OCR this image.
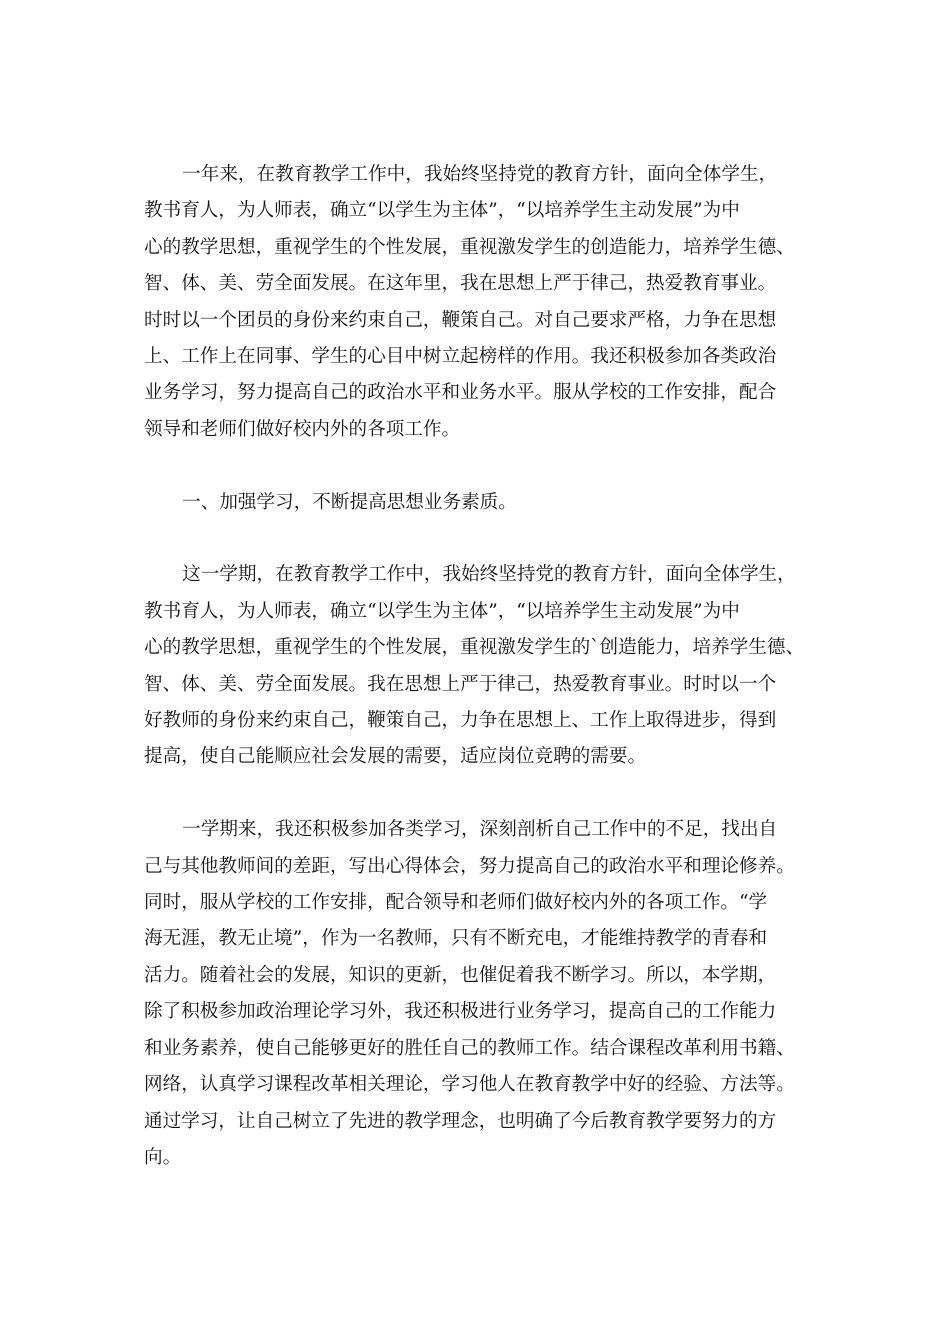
一年来，在教育教学工作中，我始终坚持党的教育方针，面向全体学生，
教书育人，为人师表，确立“以学生为主体”，“以培养学生主动发展”为中
心的教学思想，重视学生的个性发展，重视激发学生的创造能力，培养学生德、
智、体、美、劳全面发展。在这年里，我在思想上严于律己，热爱教育事业。
时时以一个团员的身份来约束自己，鞭策自己。对自己要求严格，力争在思想
上、工作上在同事、学生的心目中树立起榜样的作用。我还积极参加各类政治
业务学习，努力提高自己的政治水平和业务水平。服从学校的工作安排，配合
领导和老师们做好校内外的各项工作。

一、加强学习，不断提高思想业务素质。

这一学期，在教育教学工作中，我始终坚持党的教育方针，面向全体学生，
教书育人，为人师表，确立“以学生为主体”，“以培养学生主动发展”为中
心的教学思想，重视学生的个性发展，重视激发学生的`创造能力，培养学生德、
智、体、美、劳全面发展。我在思想上严于律己，热爱教育事业。时时以一个
好教师的身份来约束自己，鞭策自己，力争在思想上、工作上取得进步，得到
提高，使自己能顺应社会发展的需要，适应岗位竞聘的需要。

一学期来，我还积极参加各类学习，深刻剖析自己工作中的不足，找出自
己与其他教师间的差距，写出心得体会，努力提高自己的政治水平和理论修养。
同时，服从学校的工作安排，配合领导和老师们做好校内外的各项工作。“学
海无涯，教无止境”，作为一名教师，只有不断充电，才能维持教学的青春和
活力。随着社会的发展，知识的更新，也催促着我不断学习。所以，本学期，
除了积极参加政治理论学习外，我还积极进行业务学习，提高自己的工作能力
和业务素养，使自己能够更好的胜任自己的教师工作。结合课程改革利用书籍、
网络，认真学习课程改革相关理论，学习他人在教育教学中好的经验、方法等。
通过学习，让自己树立了先进的教学理念，也明确了今后教育教学要努力的方
向。
